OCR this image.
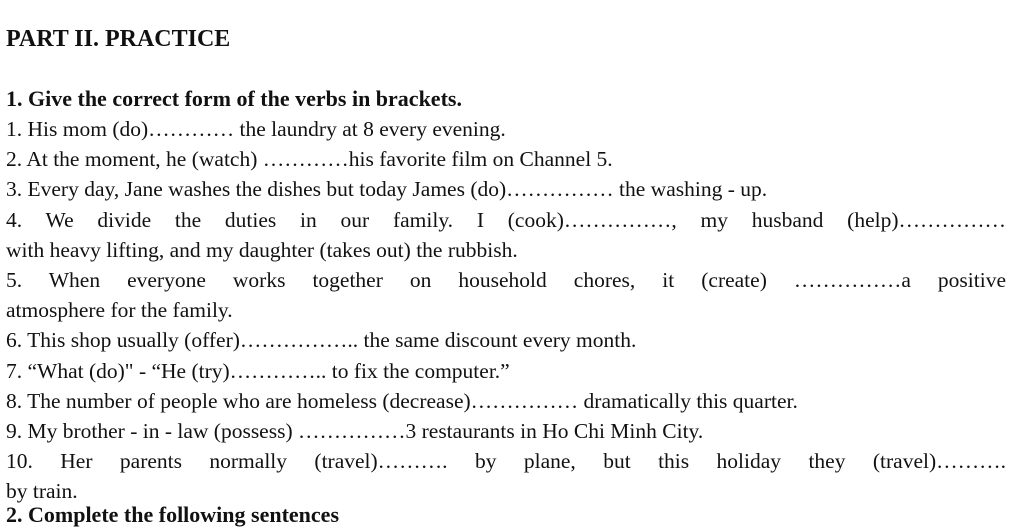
PART II. PRACTICE
1. Give the correct form of the verbs in brackets.

1. His mom (do)………… the laundry at 8 every evening.

2. At the moment, he (watch) …………his favorite film on Channel 5.

3. Every day, Jane washes the dishes but today James (do)…………… the washing - up.

4. We divide the duties in our family. I (cook)……………, my husband (help)……………

with heavy lifting, and my daughter (takes out) the rubbish.

5. When everyone works together on household chores, it (create) ……………a positive

atmosphere for the family.

6. This shop usually (offer)…………….. the same discount every month.

7. “What (do)" - “He (try)………….. to fix the computer.”

8. The number of people who are homeless (decrease)…………… dramatically this quarter.

9. My brother - in - law (possess) ……………3 restaurants in Ho Chi Minh City.

10. Her parents normally (travel)………. by plane, but this holiday they (travel)……….

by train.

2. Complete the following sentences
